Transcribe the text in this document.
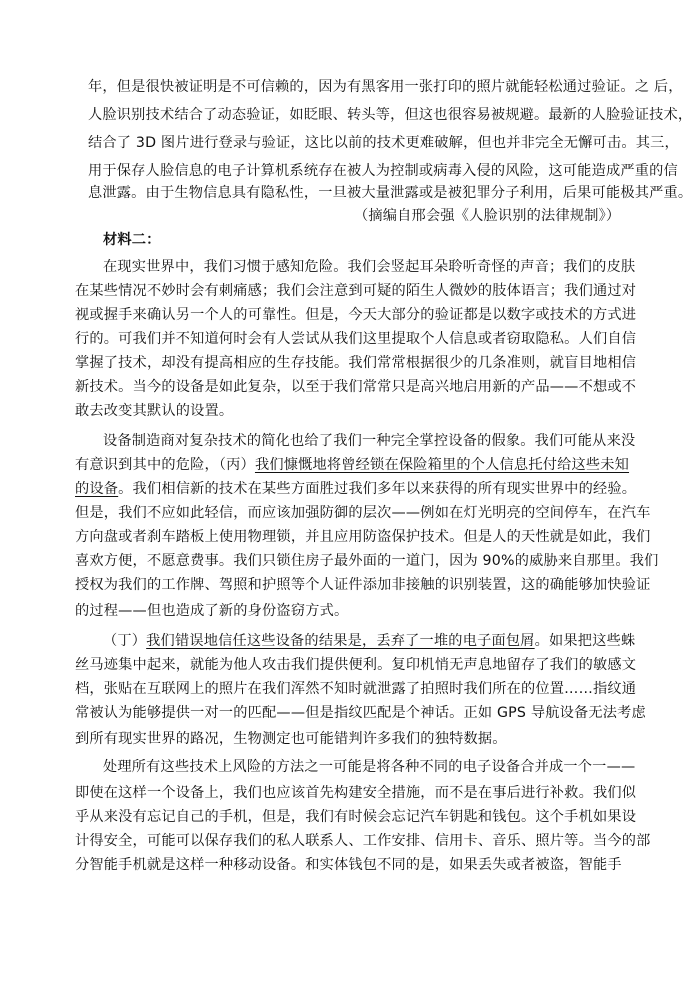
年，但是很快被证明是不可信赖的，因为有黑客用一张打印的照片就能轻松通过验证。之 后，
人脸识别技术结合了动态验证，如眨眼、转头等，但这也很容易被规避。最新的人脸验证技术，
结合了 3D 图片进行登录与验证，这比以前的技术更难破解，但也并非完全无懈可击。其三，
用于保存人脸信息的电子计算机系统存在被人为控制或病毒入侵的风险，这可能造成严重的信
息泄露。由于生物信息具有隐私性，一旦被大量泄露或是被犯罪分子利用，后果可能极其严重。
（摘编自邢会强《人脸识别的法律规制》）
材料二：
在现实世界中，我们习惯于感知危险。我们会竖起耳朵聆听奇怪的声音；我们的皮肤
在某些情况不妙时会有刺痛感；我们会注意到可疑的陌生人微妙的肢体语言；我们通过对
视或握手来确认另一个人的可靠性。但是，今天大部分的验证都是以数字或技术的方式进
行的。可我们并不知道何时会有人尝试从我们这里提取个人信息或者窃取隐私。人们自信
掌握了技术，却没有提高相应的生存技能。我们常常根据很少的几条准则，就盲目地相信
新技术。当今的设备是如此复杂，以至于我们常常只是高兴地启用新的产品——不想或不
敢去改变其默认的设置。
设备制造商对复杂技术的简化也给了我们一种完全掌控设备的假象。我们可能从来没
有意识到其中的危险，（丙）我们慷慨地将曾经锁在保险箱里的个人信息托付给这些未知
的设备。我们相信新的技术在某些方面胜过我们多年以来获得的所有现实世界中的经验。
但是，我们不应如此轻信，而应该加强防御的层次——例如在灯光明亮的空间停车，在汽车
方向盘或者刹车踏板上使用物理锁，并且应用防盗保护技术。但是人的天性就是如此，我们
喜欢方便，不愿意费事。我们只锁住房子最外面的一道门，因为 90%的威胁来自那里。我们
授权为我们的工作牌、驾照和护照等个人证件添加非接触的识别装置，这的确能够加快验证
的过程——但也造成了新的身份盗窃方式。
（丁）我们错误地信任这些设备的结果是，丢弃了一堆的电子面包屑。如果把这些蛛
丝马迹集中起来，就能为他人攻击我们提供便利。复印机悄无声息地留存了我们的敏感文
档，张贴在互联网上的照片在我们浑然不知时就泄露了拍照时我们所在的位置……指纹通
常被认为能够提供一对一的匹配——但是指纹匹配是个神话。正如 GPS 导航设备无法考虑
到所有现实世界的路况，生物测定也可能错判许多我们的独特数据。
处理所有这些技术上风险的方法之一可能是将各种不同的电子设备合并成一个一——
即使在这样一个设备上，我们也应该首先构建安全措施，而不是在事后进行补救。我们似
乎从来没有忘记自己的手机，但是，我们有时候会忘记汽车钥匙和钱包。这个手机如果设
计得安全，可能可以保存我们的私人联系人、工作安排、信用卡、音乐、照片等。当今的部
分智能手机就是这样一种移动设备。和实体钱包不同的是，如果丢失或者被盗，智能手
